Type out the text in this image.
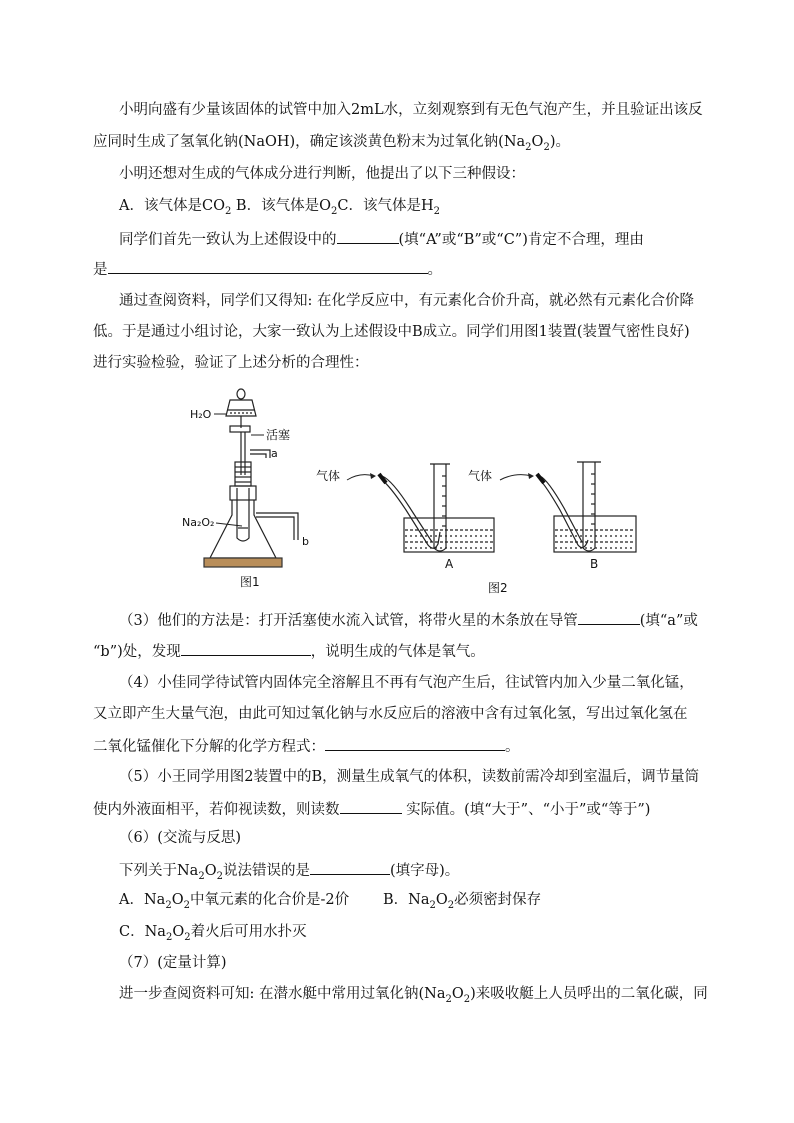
小明向盛有少量该固体的试管中加入2mL水，立刻观察到有无色气泡产生，并且验证出该反
应同时生成了氢氧化钠(NaOH)，确定该淡黄色粉末为过氧化钠$(Na_2O_2)$。
小明还想对生成的气体成分进行判断，他提出了以下三种假设：
A．该气体是$CO_2$ B．该气体是$O_2C$．该气体是$H_2$
同学们首先一致认为上述假设中的	(填“A”或“B”或“C”)肯定不合理，理由
是	。
通过查阅资料，同学们又得知: 在化学反应中，有元素化合价升高，就必然有元素化合价降
低。于是通过小组讨论，大家一致认为上述假设中B成立。同学们用图1装置(装置气密性良好)
进行实验检验，验证了上述分析的合理性：
H₂O
活塞
a
b
Na₂O₂
图1
气体
A
气体
B
图2
（3）他们的方法是：打开活塞使水流入试管，将带火星的木条放在导管	(填“a”或
“b”)处，发现	，说明生成的气体是氧气。
（4）小佳同学待试管内固体完全溶解且不再有气泡产生后，往试管内加入少量二氧化锰，
又立即产生大量气泡，由此可知过氧化钠与水反应后的溶液中含有过氧化氢，写出过氧化氢在
二氧化锰催化下分解的化学方程式：	。
（5）小王同学用图2装置中的B，测量生成氧气的体积，读数前需冷却到室温后，调节量筒
使内外液面相平，若仰视读数，则读数	实际值。(填“大于”、“小于”或“等于”)
（6）(交流与反思)
下列关于$Na_2O_2$说法错误的是	(填字母)。
A．$Na_2O_2$中氧元素的化合价是-2价 B．$Na_2O_2$必须密封保存
C．$Na_2O_2$着火后可用水扑灭
（7）(定量计算)
进一步查阅资料可知: 在潜水艇中常用过氧化钠$(Na_2O_2)$来吸收艇上人员呼出的二氧化碳，同
